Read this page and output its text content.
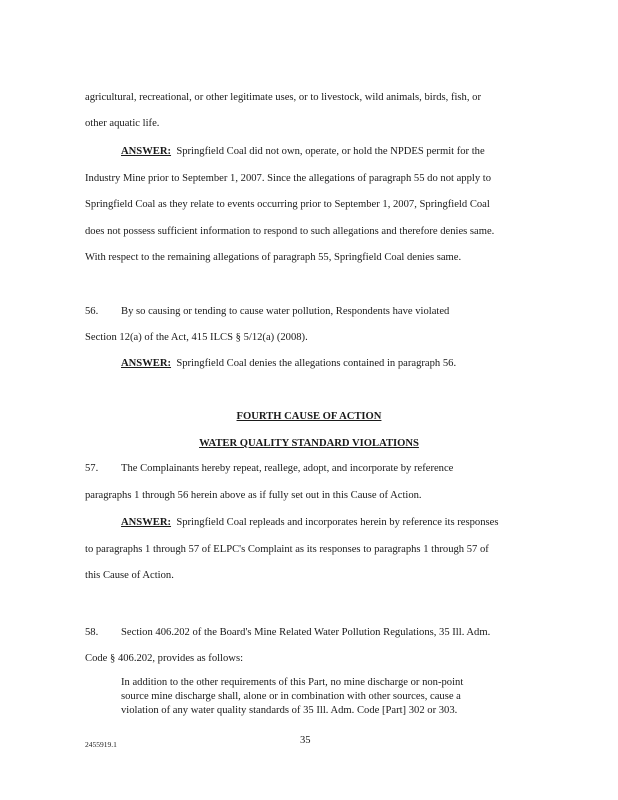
agricultural, recreational, or other legitimate uses, or to livestock, wild animals, birds, fish, or
other aquatic life.
ANSWER: Springfield Coal did not own, operate, or hold the NPDES permit for the
Industry Mine prior to September 1, 2007. Since the allegations of paragraph 55 do not apply to
Springfield Coal as they relate to events occurring prior to September 1, 2007, Springfield Coal
does not possess sufficient information to respond to such allegations and therefore denies same.
With respect to the remaining allegations of paragraph 55, Springfield Coal denies same.
56. By so causing or tending to cause water pollution, Respondents have violated
Section 12(a) of the Act, 415 ILCS § 5/12(a) (2008).
ANSWER: Springfield Coal denies the allegations contained in paragraph 56.
FOURTH CAUSE OF ACTION
WATER QUALITY STANDARD VIOLATIONS
57. The Complainants hereby repeat, reallege, adopt, and incorporate by reference
paragraphs 1 through 56 herein above as if fully set out in this Cause of Action.
ANSWER: Springfield Coal repleads and incorporates herein by reference its responses
to paragraphs 1 through 57 of ELPC's Complaint as its responses to paragraphs 1 through 57 of
this Cause of Action.
58. Section 406.202 of the Board's Mine Related Water Pollution Regulations, 35 Ill. Adm.
Code § 406.202, provides as follows:
In addition to the other requirements of this Part, no mine discharge or non-point
source mine discharge shall, alone or in combination with other sources, cause a
violation of any water quality standards of 35 Ill. Adm. Code [Part] 302 or 303.
2455919.1	35
